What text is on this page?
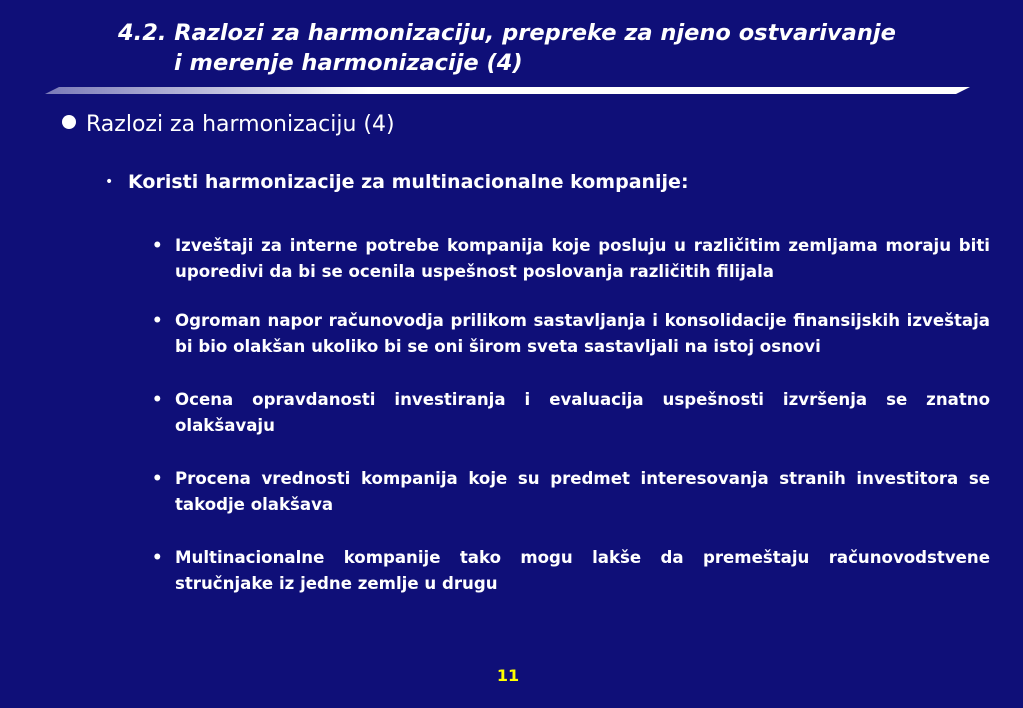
4.2. Razlozi za harmonizaciju, prepreke za njeno ostvarivanje
i merenje harmonizacije (4)
Razlozi za harmonizaciju (4)
• Koristi harmonizacije za multinacionalne kompanije:
• Izveštaji za interne potrebe kompanija koje posluju u različitim zemljama moraju biti uporedivi da bi se ocenila uspešnost poslovanja različitih filijala
• Ogroman napor računovodja prilikom sastavljanja i konsolidacije finansijskih izveštaja bi bio olakšan ukoliko bi se oni širom sveta sastavljali na istoj osnovi
• Ocena opravdanosti investiranja i evaluacija uspešnosti izvršenja se znatno olakšavaju
• Procena vrednosti kompanija koje su predmet interesovanja stranih investitora se takodje olakšava
• Multinacionalne kompanije tako mogu lakše da premeštaju računovodstvene stručnjake iz jedne zemlje u drugu
11
